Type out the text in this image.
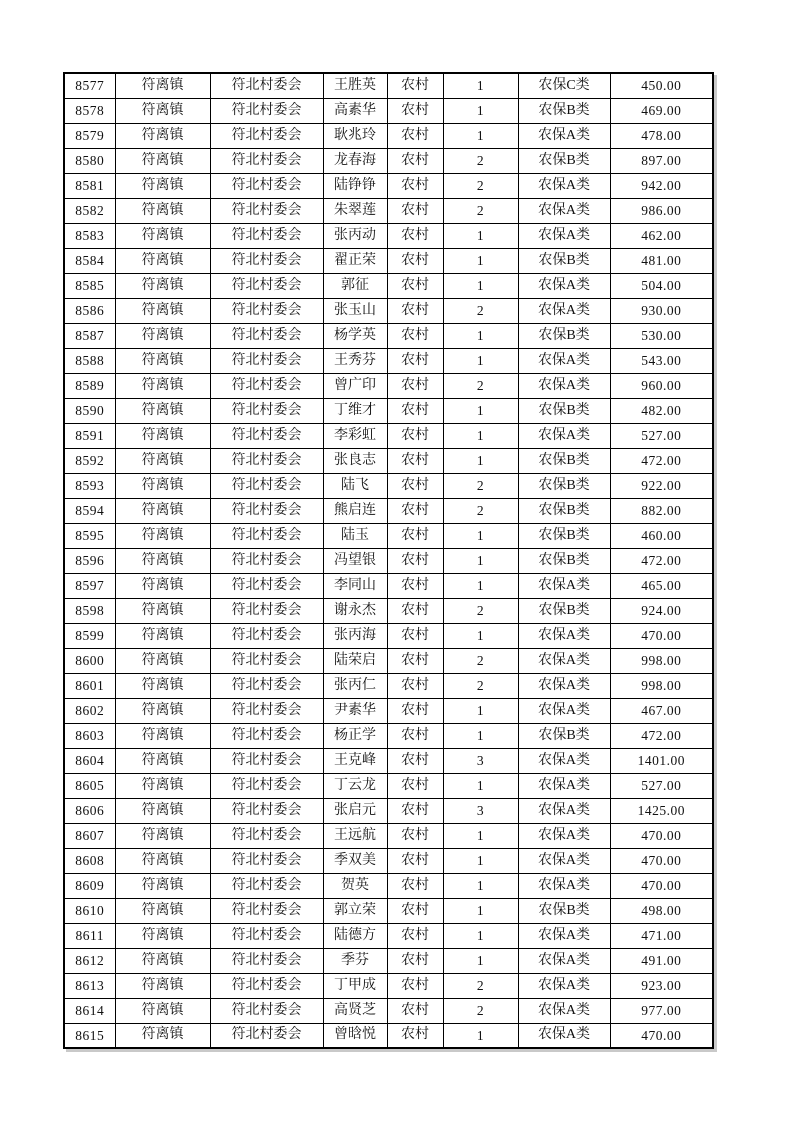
8577	符离镇	符北村委会	王胜英	农村	1	农保C类	450.00
8578	符离镇	符北村委会	高素华	农村	1	农保B类	469.00
8579	符离镇	符北村委会	耿兆玲	农村	1	农保A类	478.00
8580	符离镇	符北村委会	龙春海	农村	2	农保B类	897.00
8581	符离镇	符北村委会	陆铮铮	农村	2	农保A类	942.00
8582	符离镇	符北村委会	朱翠莲	农村	2	农保A类	986.00
8583	符离镇	符北村委会	张丙动	农村	1	农保A类	462.00
8584	符离镇	符北村委会	翟正荣	农村	1	农保B类	481.00
8585	符离镇	符北村委会	郭征	农村	1	农保A类	504.00
8586	符离镇	符北村委会	张玉山	农村	2	农保A类	930.00
8587	符离镇	符北村委会	杨学英	农村	1	农保B类	530.00
8588	符离镇	符北村委会	王秀芬	农村	1	农保A类	543.00
8589	符离镇	符北村委会	曾广印	农村	2	农保A类	960.00
8590	符离镇	符北村委会	丁维才	农村	1	农保B类	482.00
8591	符离镇	符北村委会	李彩虹	农村	1	农保A类	527.00
8592	符离镇	符北村委会	张良志	农村	1	农保B类	472.00
8593	符离镇	符北村委会	陆飞	农村	2	农保B类	922.00
8594	符离镇	符北村委会	熊启连	农村	2	农保B类	882.00
8595	符离镇	符北村委会	陆玉	农村	1	农保B类	460.00
8596	符离镇	符北村委会	冯望银	农村	1	农保B类	472.00
8597	符离镇	符北村委会	李同山	农村	1	农保A类	465.00
8598	符离镇	符北村委会	谢永杰	农村	2	农保B类	924.00
8599	符离镇	符北村委会	张丙海	农村	1	农保A类	470.00
8600	符离镇	符北村委会	陆荣启	农村	2	农保A类	998.00
8601	符离镇	符北村委会	张丙仁	农村	2	农保A类	998.00
8602	符离镇	符北村委会	尹素华	农村	1	农保A类	467.00
8603	符离镇	符北村委会	杨正学	农村	1	农保B类	472.00
8604	符离镇	符北村委会	王克峰	农村	3	农保A类	1401.00
8605	符离镇	符北村委会	丁云龙	农村	1	农保A类	527.00
8606	符离镇	符北村委会	张启元	农村	3	农保A类	1425.00
8607	符离镇	符北村委会	王远航	农村	1	农保A类	470.00
8608	符离镇	符北村委会	季双美	农村	1	农保A类	470.00
8609	符离镇	符北村委会	贺英	农村	1	农保A类	470.00
8610	符离镇	符北村委会	郭立荣	农村	1	农保B类	498.00
8611	符离镇	符北村委会	陆德方	农村	1	农保A类	471.00
8612	符离镇	符北村委会	季芬	农村	1	农保A类	491.00
8613	符离镇	符北村委会	丁甲成	农村	2	农保A类	923.00
8614	符离镇	符北村委会	高贤芝	农村	2	农保A类	977.00
8615	符离镇	符北村委会	曾晗悦	农村	1	农保A类	470.00
